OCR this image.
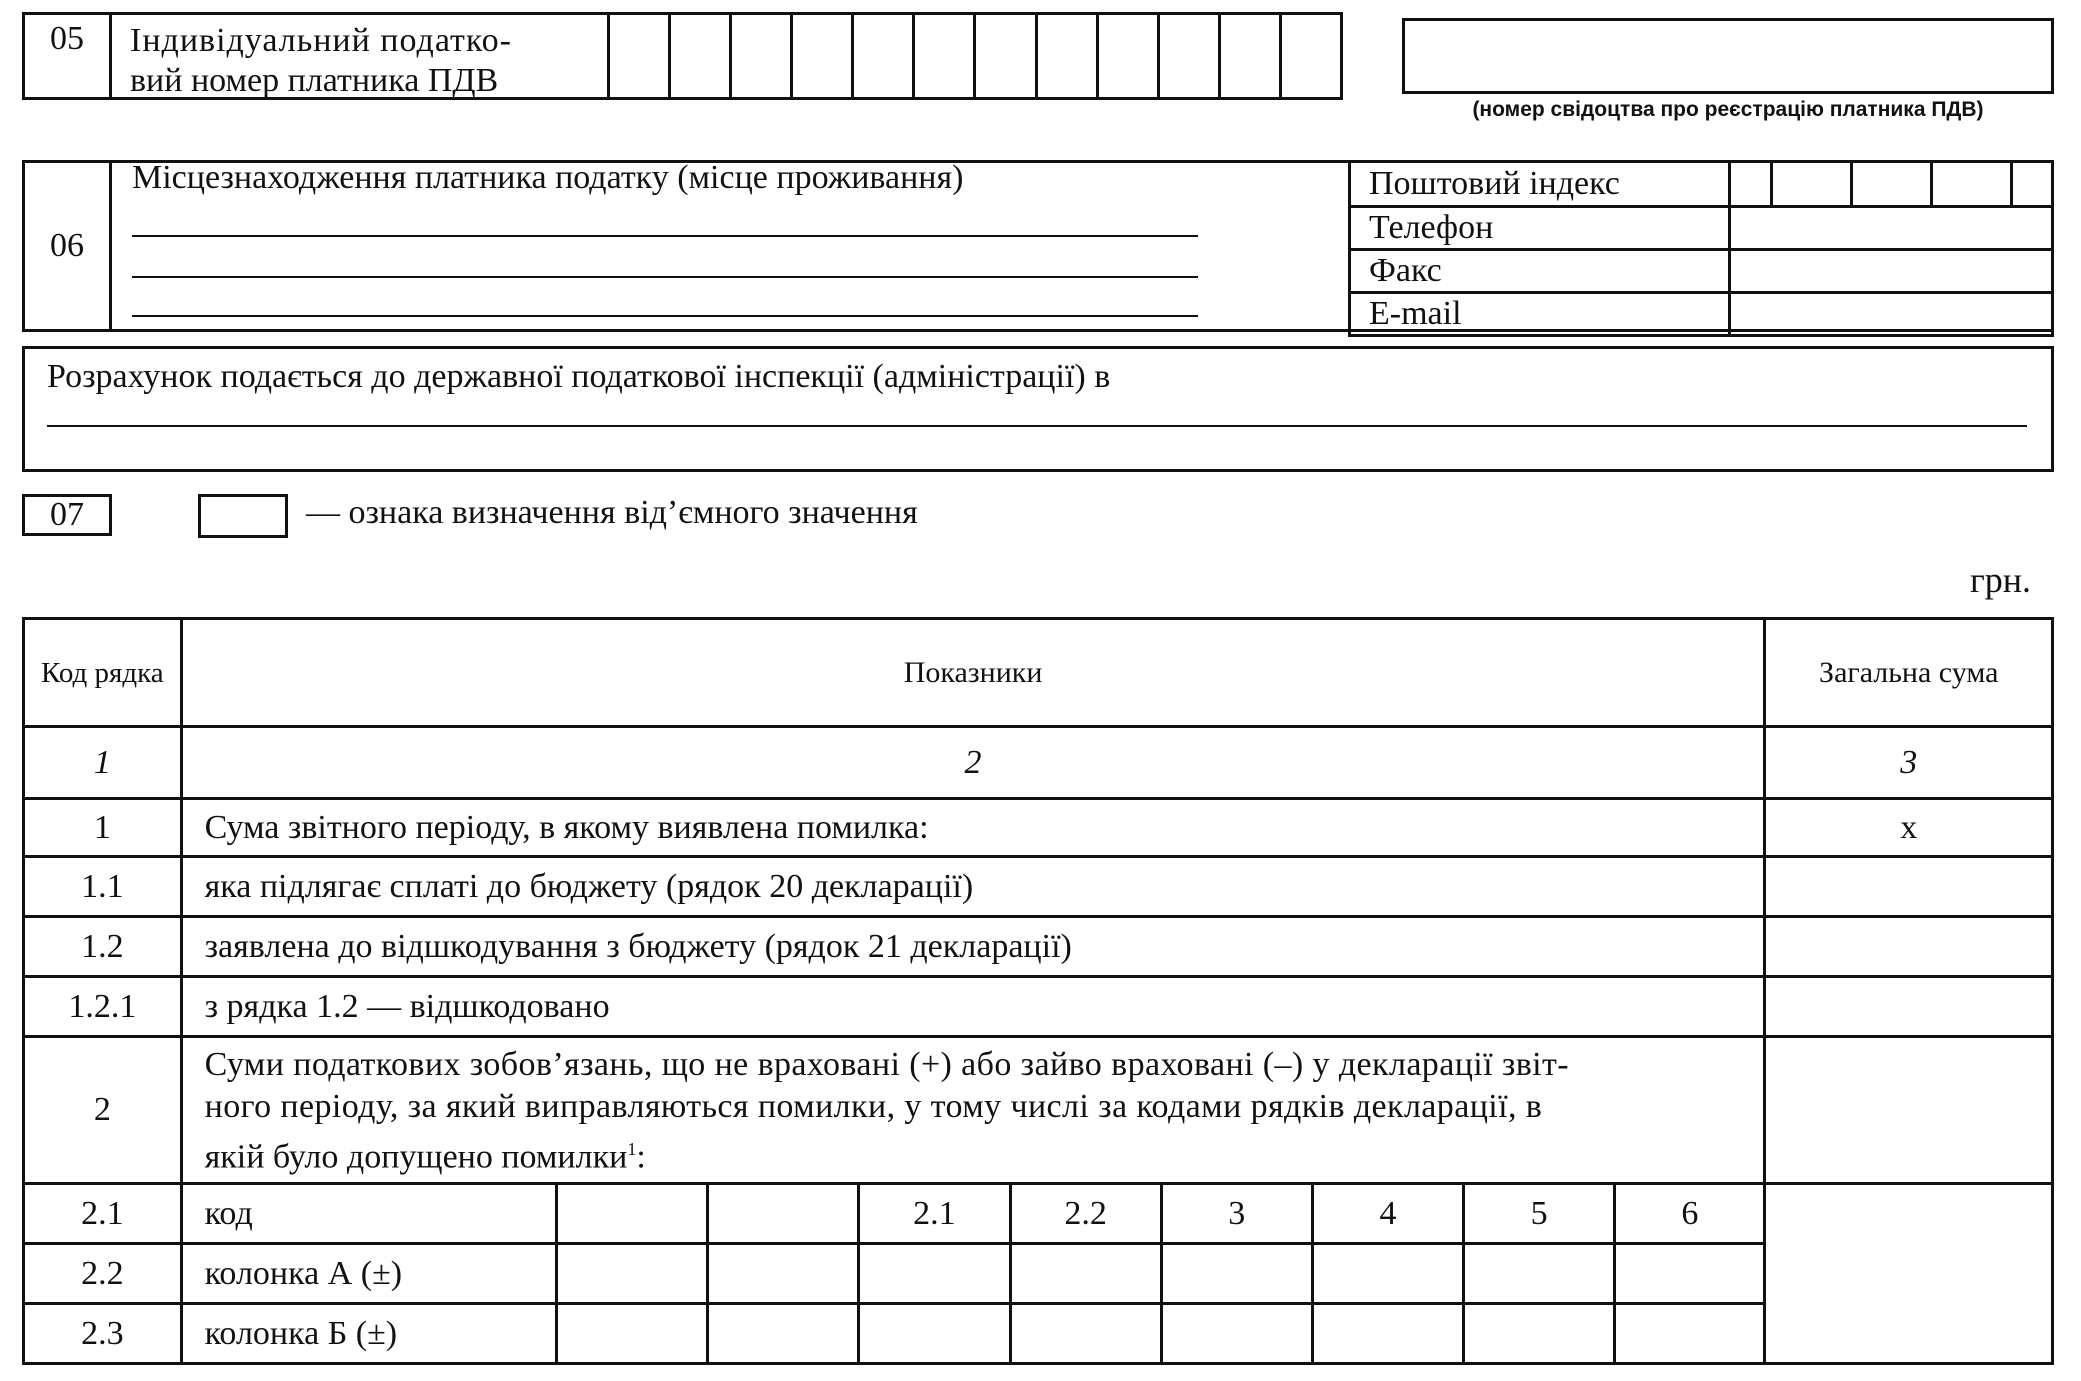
05	Індивідуальний податко-
вий номер платника ПДВ

(номер свідоцтва про реєстрацію платника ПДВ)
06
Місцезнаходження платника податку (місце проживання)	Поштовий індекс	

Телефон	
Факс	
E-mail	
Розрахунок подається до державної податкової інспекції (адміністрації) в
07	— ознака визначення від’ємного значення
грн.
Код рядка	Показники									Загальна сума
1	2									3
1	Сума звітного періоду, в якому виявлена помилка:									х
1.1	яка підлягає сплаті до бюджету (рядок 20 декларації)									
1.2	заявлена до відшкодування з бюджету (рядок 21 декларації)									
1.2.1	з рядка 1.2 — відшкодовано									
2	Суми податкових зобов’язань, що не враховані (+) або зайво враховані (–) у декларації звіт-
ного періоду, за який виправляються помилки, у тому числі за кодами рядків декларації, в
якій було допущено помилки$^1$:									

2.1	код			2.1	2.2	3	4	5	6	
2.2	колонка А (±)									
2.3	колонка Б (±)									
